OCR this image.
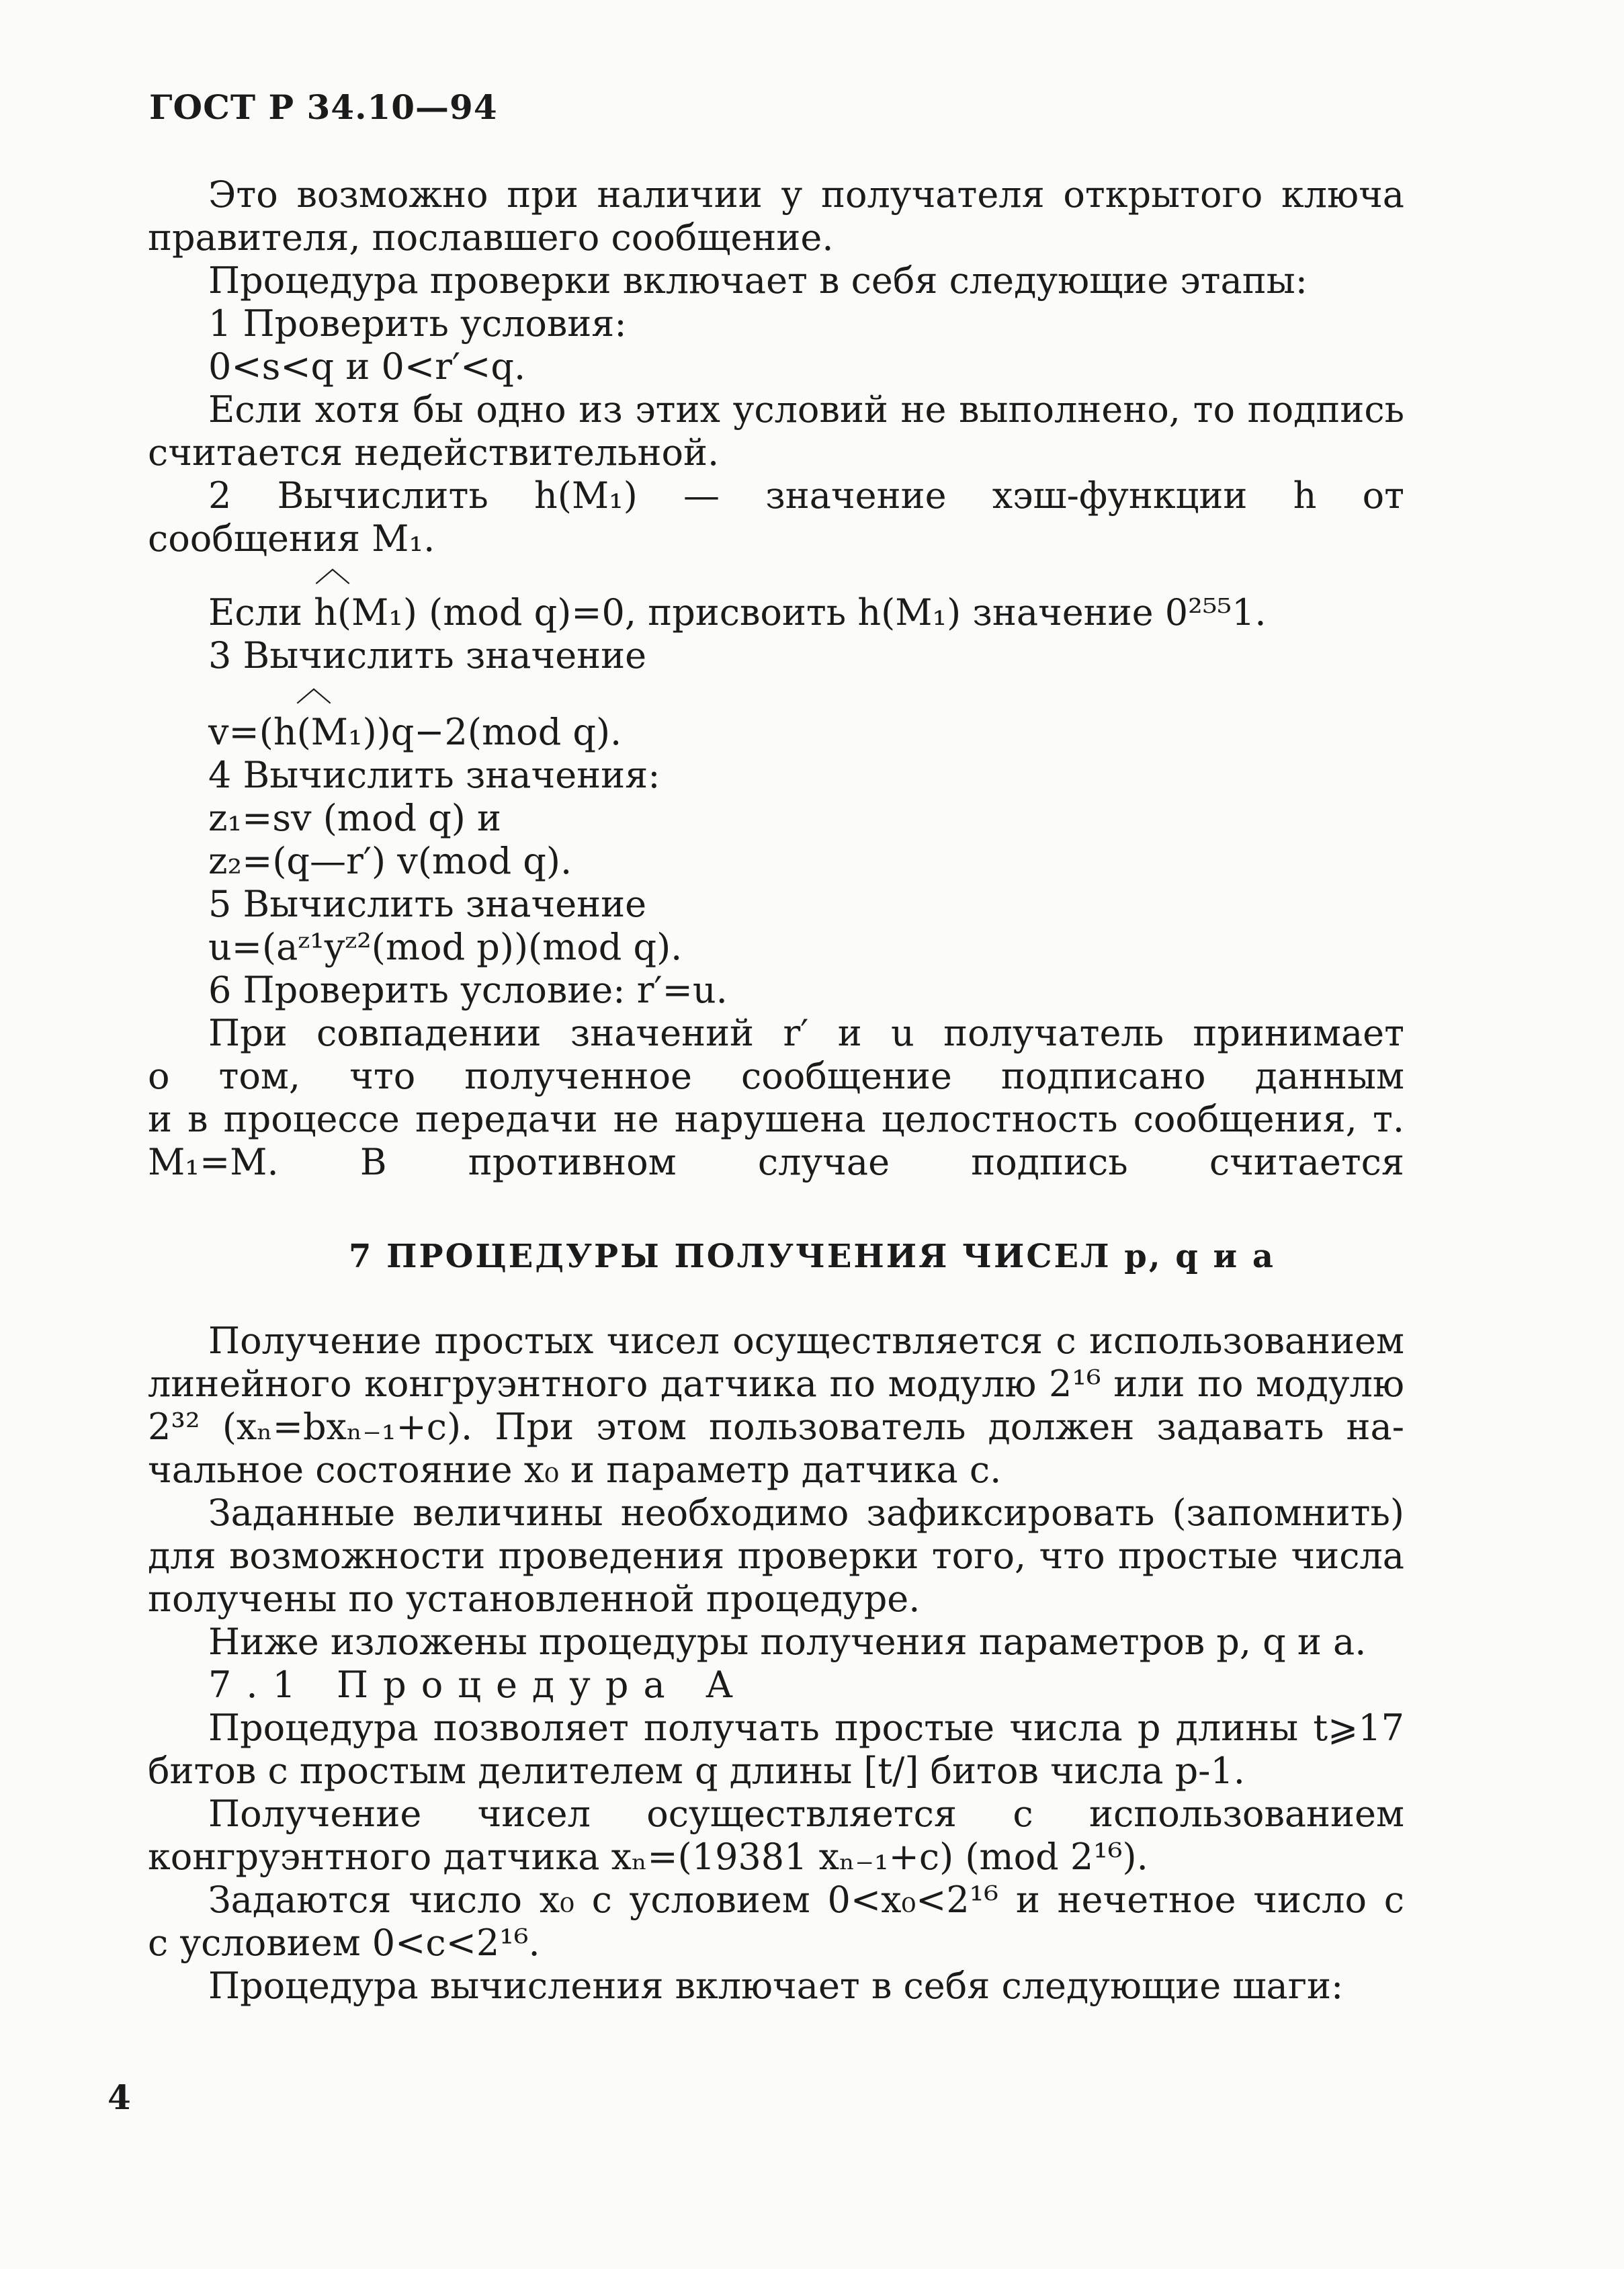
ГОСТ Р 34.10—94
Это возможно при наличии у получателя открытого ключа
правителя, пославшего сообщение.
Процедура проверки включает в себя следующие этапы:
1 Проверить условия:
0<s<q и 0<r′<q.
Если хотя бы одно из этих условий не выполнено, то подпись
считается недействительной.
2 Вычислить h(M₁) — значение хэш-функции h от
сообщения M₁.
︿
Если h(M₁) (mod q)=0, присвоить h(M₁) значение 0²⁵⁵1.
3 Вычислить значение
︿
v=(h(M₁))q−2(mod q).
4 Вычислить значения:
z₁=sv (mod q) и
z₂=(q—r′) v(mod q).
5 Вычислить значение
u=(aᶻ¹yᶻ²(mod p))(mod q).
6 Проверить условие: r′=u.
При совпадении значений r′ и u получатель принимает
о том, что полученное сообщение подписано данным
и в процессе передачи не нарушена целостность сообщения, т.
M₁=M. В противном случае подпись считается
7 ПРОЦЕДУРЫ ПОЛУЧЕНИЯ ЧИСЕЛ p, q и a
Получение простых чисел осуществляется с использованием
линейного конгруэнтного датчика по модулю 2¹⁶ или по модулю
2³² (xₙ=bxₙ₋₁+c). При этом пользователь должен задавать на-
чальное состояние x₀ и параметр датчика c.
Заданные величины необходимо зафиксировать (запомнить)
для возможности проведения проверки того, что простые числа
получены по установленной процедуре.
Ниже изложены процедуры получения параметров p, q и a.
7.1 Процедура A
Процедура позволяет получать простые числа p длины t⩾17
битов с простым делителем q длины [t/] битов числа p-1.
Получение чисел осуществляется с использованием
конгруэнтного датчика xₙ=(19381 xₙ₋₁+c) (mod 2¹⁶).
Задаются число x₀ с условием 0<x₀<2¹⁶ и нечетное число c
с условием 0<c<2¹⁶.
Процедура вычисления включает в себя следующие шаги:
4
